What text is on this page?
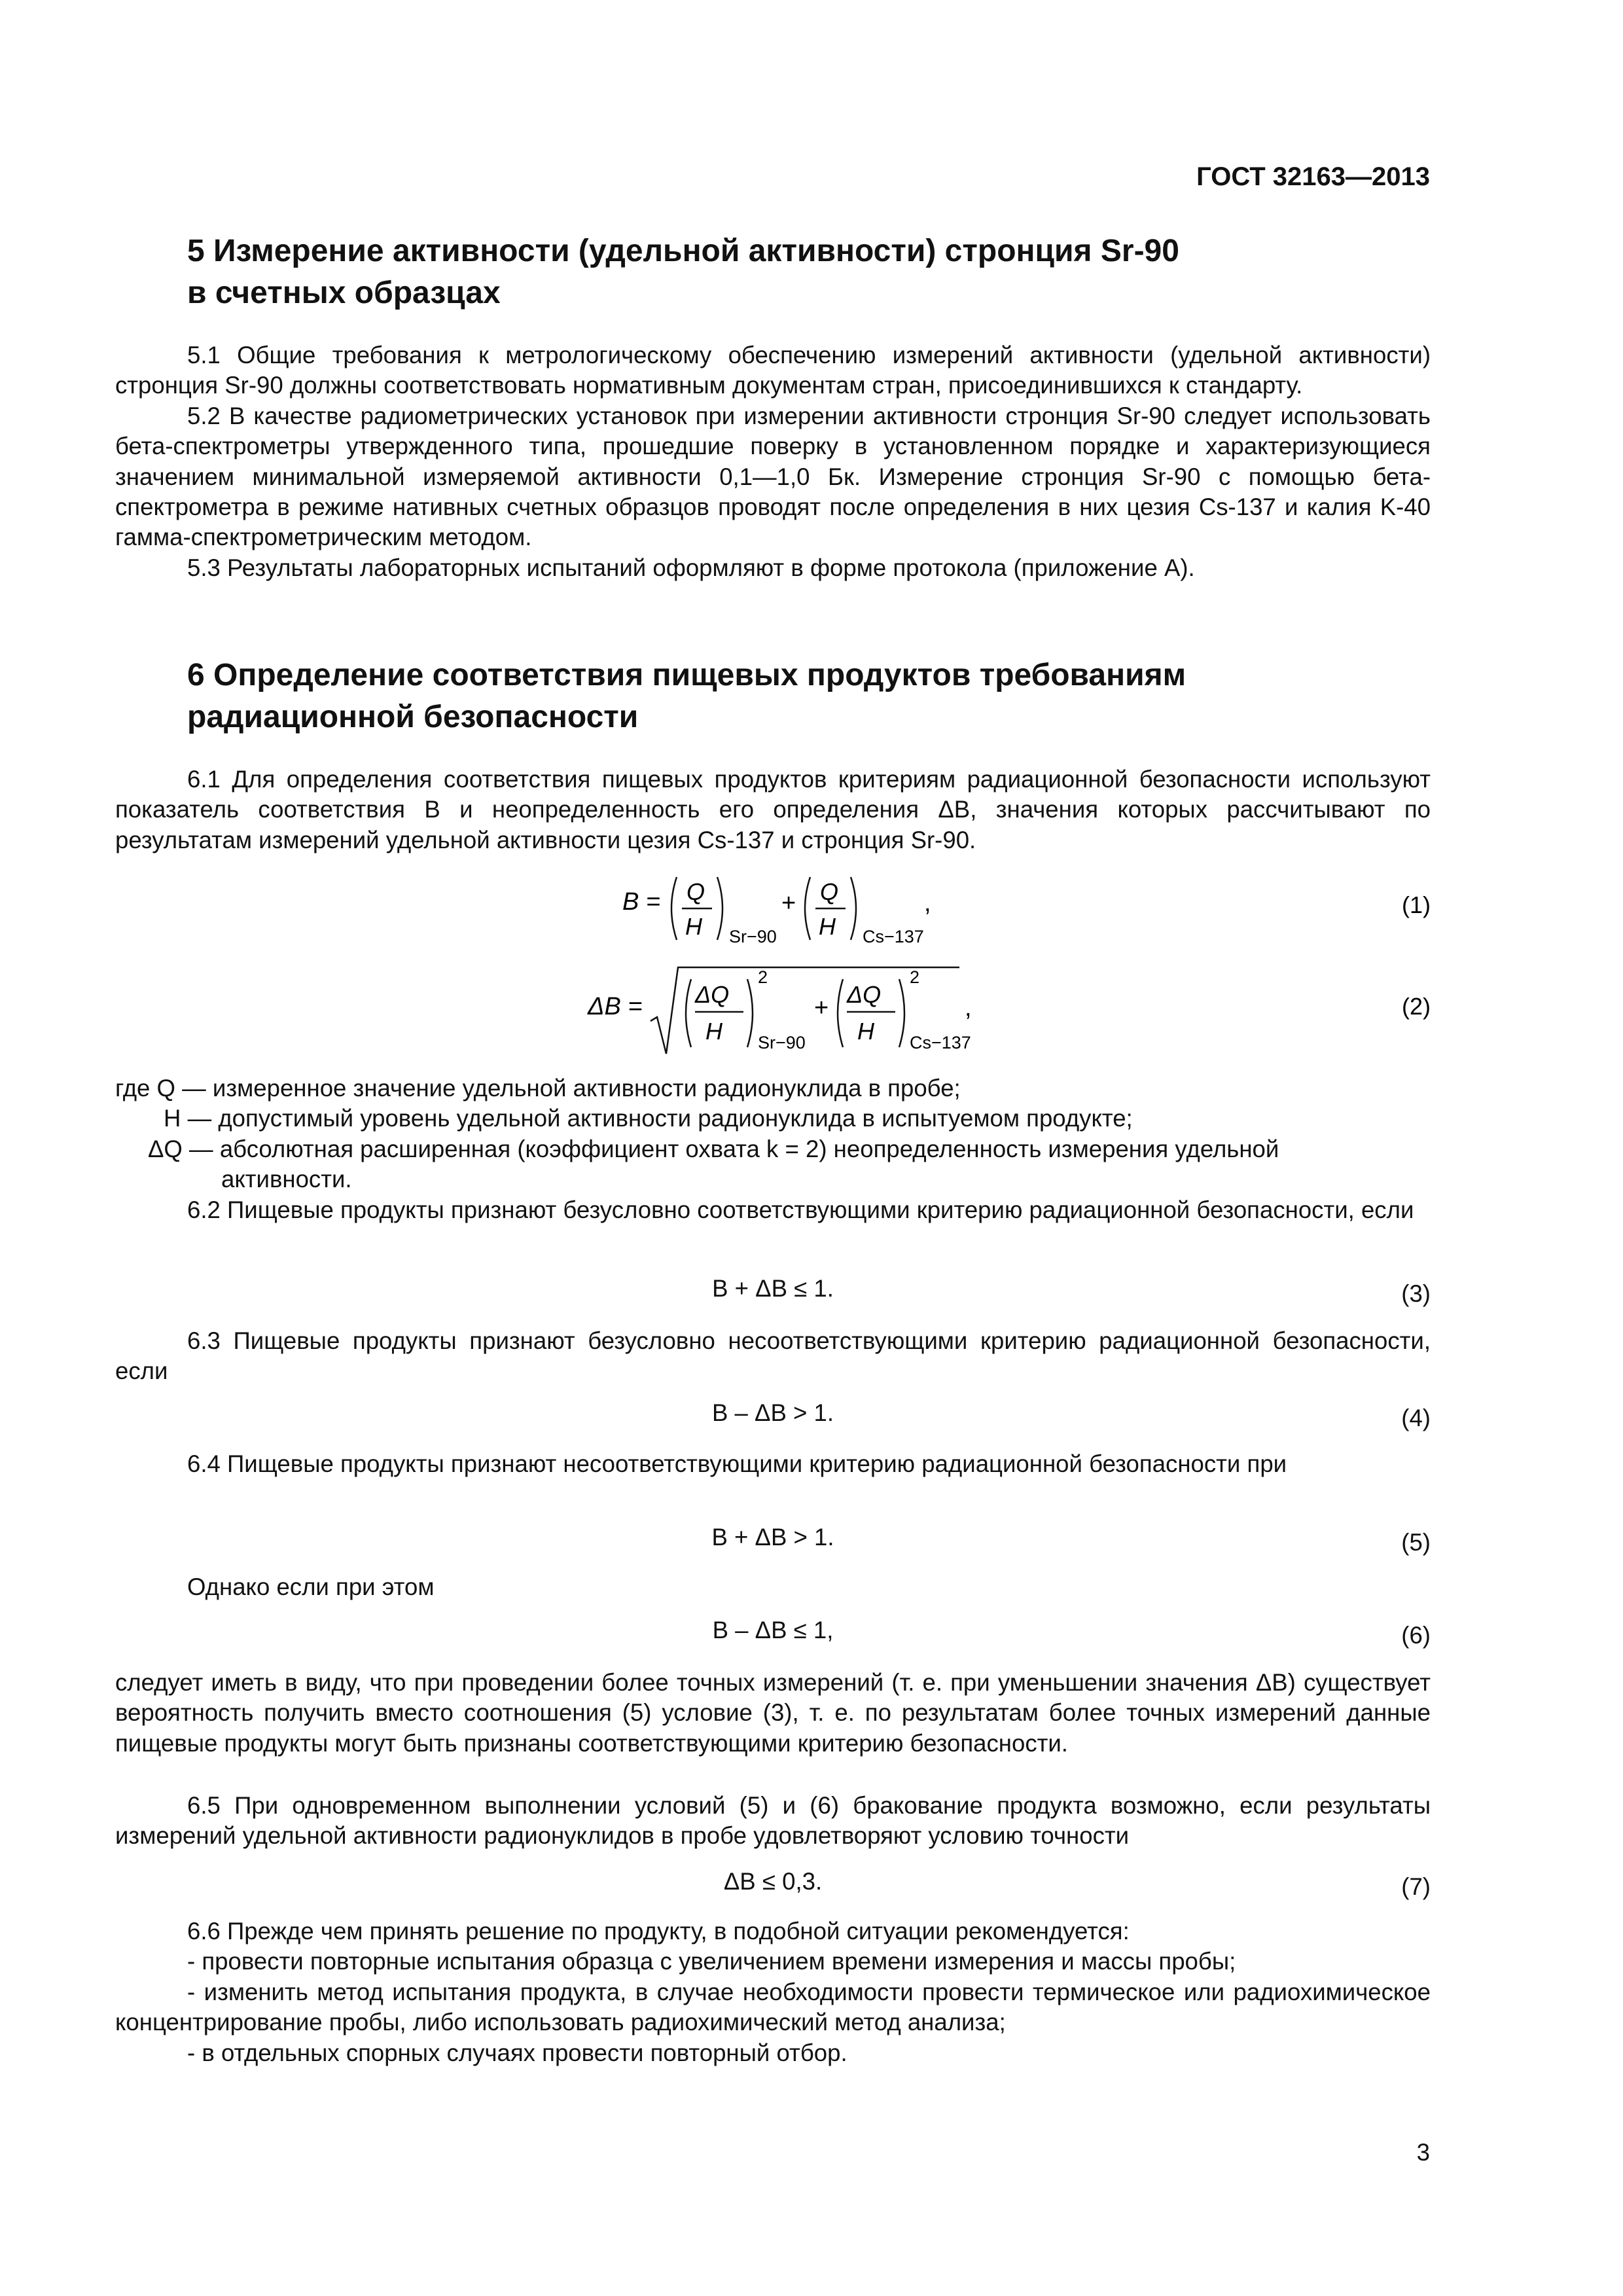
ГОСТ 32163—2013
5 Измерение активности (удельной активности) стронция Sr-90
в счетных образцах
5.1 Общие требования к метрологическому обеспечению измерений активности (удельной активности) стронция Sr-90 должны соответствовать нормативным документам стран, присоединившихся к стандарту.
5.2 В качестве радиометрических установок при измерении активности стронция Sr-90 следует использовать бета-спектрометры утвержденного типа, прошедшие поверку в установленном порядке и характеризующиеся значением минимальной измеряемой активности 0,1—1,0 Бк. Измерение стронция Sr-90 с помощью бета-спектрометра в режиме нативных счетных образцов проводят после определения в них цезия Cs-137 и калия K-40 гамма-спектрометрическим методом.
5.3 Результаты лабораторных испытаний оформляют в форме протокола (приложение А).
6 Определение соответствия пищевых продуктов требованиям
радиационной безопасности
6.1 Для определения соответствия пищевых продуктов критериям радиационной безопасности используют показатель соответствия B и неопределенность его определения ΔB, значения которых рассчитывают по результатам измерений удельной активности цезия Cs-137 и стронция Sr-90.
B = Q
H Sr−90
+ Q
H Cs−137
,	(1)
ΔB = ΔQ
H
2
Sr−90
+ ΔQ
H
2
Cs−137
,	(2)
где Q — измеренное значение удельной активности радионуклида в пробе;
H — допустимый уровень удельной активности радионуклида в испытуемом продукте;
ΔQ — абсолютная расширенная (коэффициент охвата k = 2) неопределенность измерения удельной
активности.
6.2 Пищевые продукты признают безусловно соответствующими критерию радиационной безопасности, если
B + ΔB ≤ 1.	(3)
6.3 Пищевые продукты признают безусловно несоответствующими критерию радиационной безопасности, если
B – ΔB > 1.	(4)
6.4 Пищевые продукты признают несоответствующими критерию радиационной безопасности при
B + ΔB > 1.	(5)
Однако если при этом
B – ΔB ≤ 1,	(6)
следует иметь в виду, что при проведении более точных измерений (т. е. при уменьшении значения ΔB) существует вероятность получить вместо соотношения (5) условие (3), т. е. по результатам более точных измерений данные пищевые продукты могут быть признаны соответствующими критерию безопасности.
6.5 При одновременном выполнении условий (5) и (6) бракование продукта возможно, если результаты измерений удельной активности радионуклидов в пробе удовлетворяют условию точности
ΔB ≤ 0,3.	(7)
6.6 Прежде чем принять решение по продукту, в подобной ситуации рекомендуется:
- провести повторные испытания образца с увеличением времени измерения и массы пробы;
- изменить метод испытания продукта, в случае необходимости провести термическое или радиохимическое концентрирование пробы, либо использовать радиохимический метод анализа;
- в отдельных спорных случаях провести повторный отбор.
3
